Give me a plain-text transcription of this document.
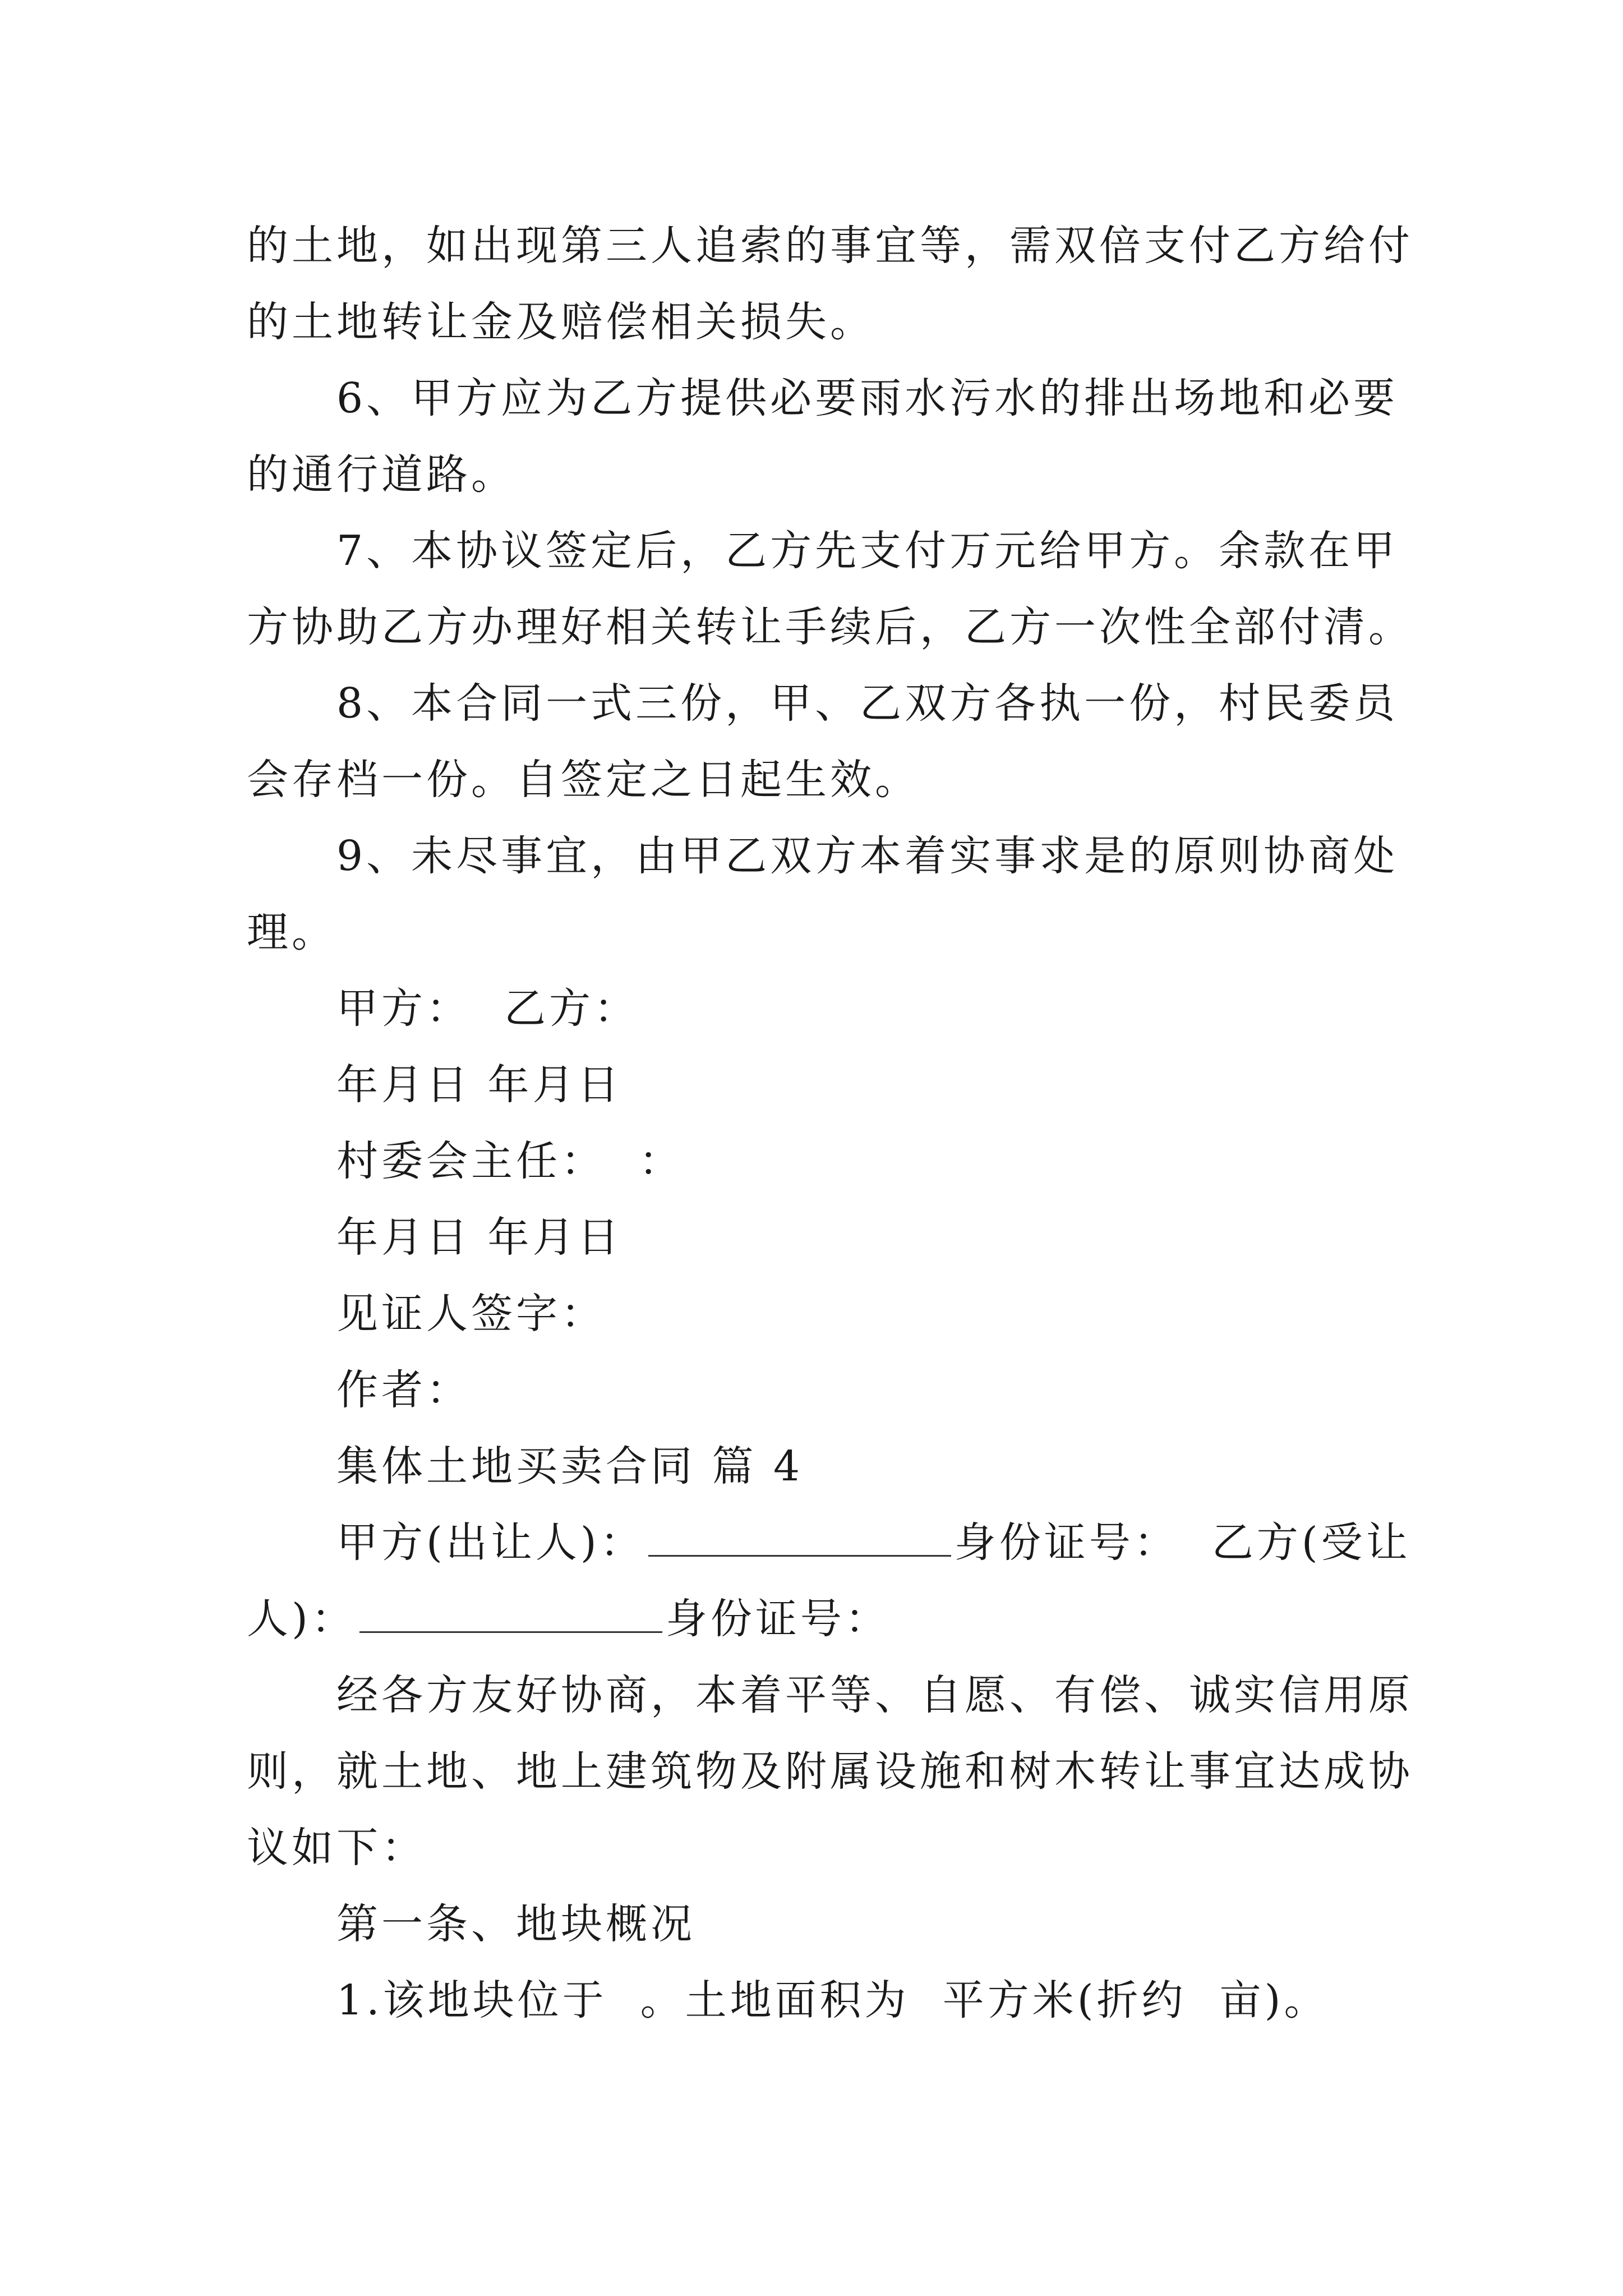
的土地，如出现第三人追索的事宜等，需双倍支付乙方给付
的土地转让金及赔偿相关损失。
6、甲方应为乙方提供必要雨水污水的排出场地和必要
的通行道路。
7、本协议签定后，乙方先支付万元给甲方。余款在甲
方协助乙方办理好相关转让手续后，乙方一次性全部付清。
8、本合同一式三份，甲、乙双方各执一份，村民委员
会存档一份。自签定之日起生效。
9、未尽事宜，由甲乙双方本着实事求是的原则协商处
理。
甲方：  乙方：
年月日 年月日
村委会主任：  ：
年月日 年月日
见证人签字：
作者：
集体土地买卖合同 篇 4
甲方(出让人)：	身份证号：  乙方(受让
人)：	身份证号：
经各方友好协商，本着平等、自愿、有偿、诚实信用原
则，就土地、地上建筑物及附属设施和树木转让事宜达成协
议如下：
第一条、地块概况
1.该地块位于  。土地面积为  平方米(折约  亩)。
